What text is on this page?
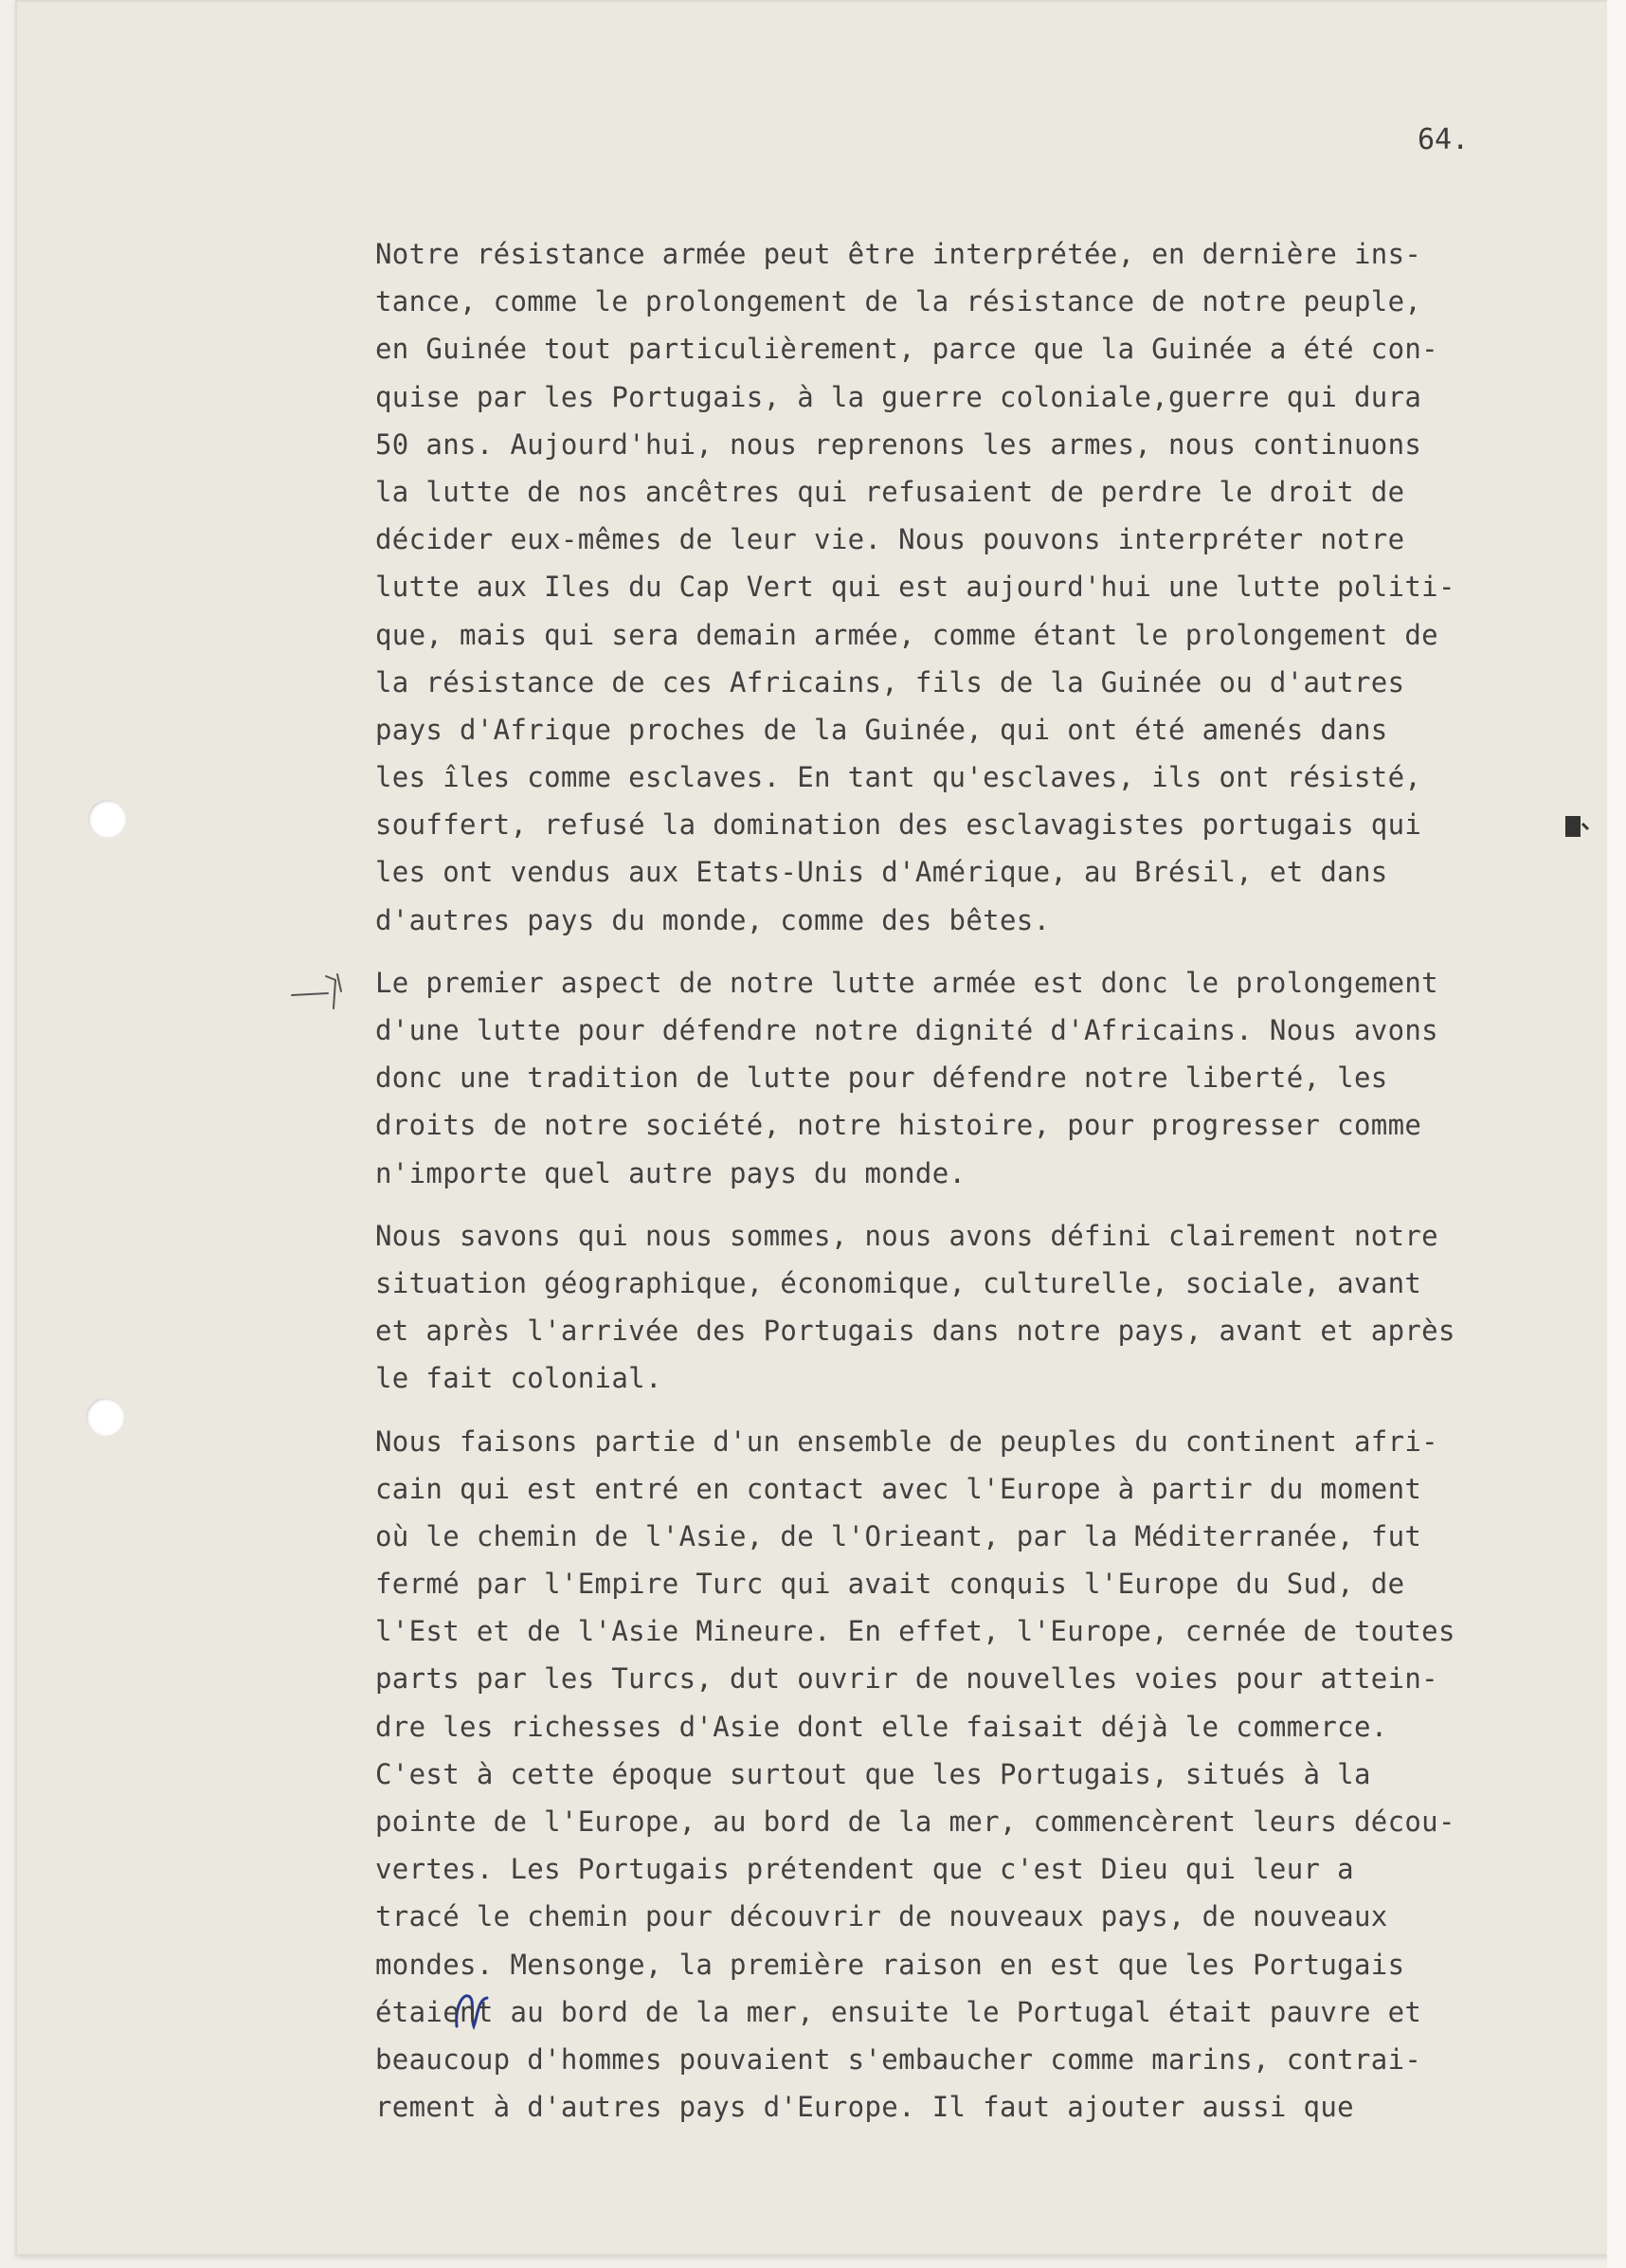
64.
Notre résistance armée peut être interprétée, en dernière ins-
tance, comme le prolongement de la résistance de notre peuple,
en Guinée tout particulièrement, parce que la Guinée a été con-
quise par les Portugais, à la guerre coloniale,guerre qui dura
50 ans. Aujourd'hui, nous reprenons les armes, nous continuons
la lutte de nos ancêtres qui refusaient de perdre le droit de
décider eux-mêmes de leur vie. Nous pouvons interpréter notre
lutte aux Iles du Cap Vert qui est aujourd'hui une lutte politi-
que, mais qui sera demain armée, comme étant le prolongement de
la résistance de ces Africains, fils de la Guinée ou d'autres
pays d'Afrique proches de la Guinée, qui ont été amenés dans
les îles comme esclaves. En tant qu'esclaves, ils ont résisté,
souffert, refusé la domination des esclavagistes portugais qui
les ont vendus aux Etats-Unis d'Amérique, au Brésil, et dans
d'autres pays du monde, comme des bêtes.
Le premier aspect de notre lutte armée est donc le prolongement
d'une lutte pour défendre notre dignité d'Africains. Nous avons
donc une tradition de lutte pour défendre notre liberté, les
droits de notre société, notre histoire, pour progresser comme
n'importe quel autre pays du monde.
Nous savons qui nous sommes, nous avons défini clairement notre
situation géographique, économique, culturelle, sociale, avant
et après l'arrivée des Portugais dans notre pays, avant et après
le fait colonial.
Nous faisons partie d'un ensemble de peuples du continent afri-
cain qui est entré en contact avec l'Europe à partir du moment
où le chemin de l'Asie, de l'Orieant, par la Méditerranée, fut
fermé par l'Empire Turc qui avait conquis l'Europe du Sud, de
l'Est et de l'Asie Mineure. En effet, l'Europe, cernée de toutes
parts par les Turcs, dut ouvrir de nouvelles voies pour attein-
dre les richesses d'Asie dont elle faisait déjà le commerce.
C'est à cette époque surtout que les Portugais, situés à la
pointe de l'Europe, au bord de la mer, commencèrent leurs décou-
vertes. Les Portugais prétendent que c'est Dieu qui leur a
tracé le chemin pour découvrir de nouveaux pays, de nouveaux
mondes. Mensonge, la première raison en est que les Portugais
étaient au bord de la mer, ensuite le Portugal était pauvre et
beaucoup d'hommes pouvaient s'embaucher comme marins, contrai-
rement à d'autres pays d'Europe. Il faut ajouter aussi que
